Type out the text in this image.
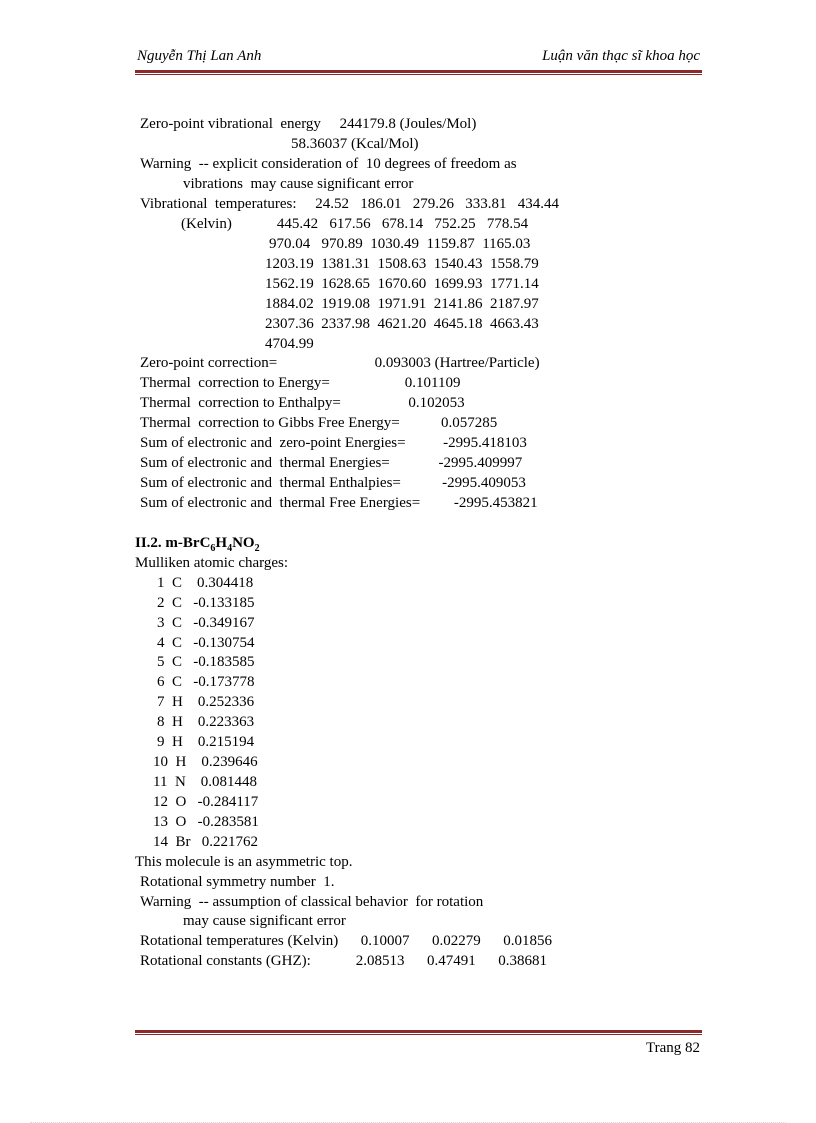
Nguyễn Thị Lan Anh	Luận văn thạc sĩ khoa học
Zero-point vibrational  energy     244179.8 (Joules/Mol)
58.36037 (Kcal/Mol)
Warning  -- explicit consideration of  10 degrees of freedom as
vibrations  may cause significant error
Vibrational  temperatures:     24.52   186.01   279.26   333.81   434.44
(Kelvin)            445.42   617.56   678.14   752.25   778.54
970.04   970.89  1030.49  1159.87  1165.03
1203.19  1381.31  1508.63  1540.43  1558.79
1562.19  1628.65  1670.60  1699.93  1771.14
1884.02  1919.08  1971.91  2141.86  2187.97
2307.36  2337.98  4621.20  4645.18  4663.43
4704.99
Zero-point correction=                          0.093003 (Hartree/Particle)
Thermal  correction to Energy=                    0.101109
Thermal  correction to Enthalpy=                  0.102053
Thermal  correction to Gibbs Free Energy=           0.057285
Sum of electronic and  zero-point Energies=          -2995.418103
Sum of electronic and  thermal Energies=             -2995.409997
Sum of electronic and  thermal Enthalpies=           -2995.409053
Sum of electronic and  thermal Free Energies=         -2995.453821
II.2. $m-BrC_6H_4NO_2$
Mulliken atomic charges:
1  C    0.304418
2  C   -0.133185
3  C   -0.349167
4  C   -0.130754
5  C   -0.183585
6  C   -0.173778
7  H    0.252336
8  H    0.223363
9  H    0.215194
10  H    0.239646
11  N    0.081448
12  O   -0.284117
13  O   -0.283581
14  Br   0.221762
This molecule is an asymmetric top.
Rotational symmetry number  1.
Warning  -- assumption of classical behavior  for rotation
may cause significant error
Rotational temperatures (Kelvin)      0.10007      0.02279      0.01856
Rotational constants (GHZ):            2.08513      0.47491      0.38681
Trang 82
